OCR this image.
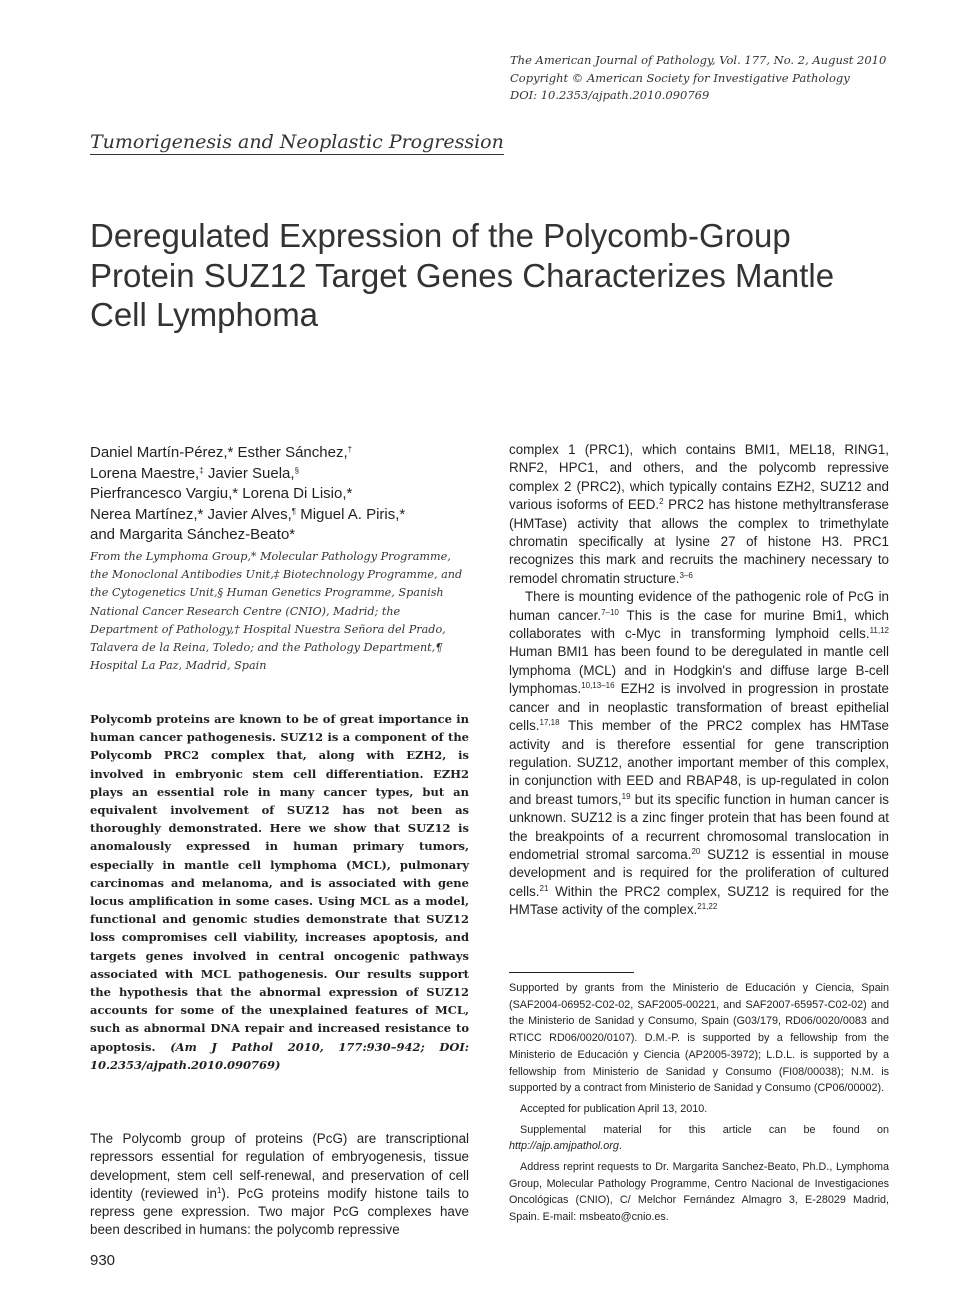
The American Journal of Pathology, Vol. 177, No. 2, August 2010
Copyright © American Society for Investigative Pathology
DOI: 10.2353/ajpath.2010.090769
Tumorigenesis and Neoplastic Progression
Deregulated Expression of the Polycomb-Group
Protein SUZ12 Target Genes Characterizes Mantle
Cell Lymphoma
Daniel Martín-Pérez,* Esther Sánchez,†
Lorena Maestre,‡ Javier Suela,§
Pierfrancesco Vargiu,* Lorena Di Lisio,*
Nerea Martínez,* Javier Alves,¶ Miguel A. Piris,*
and Margarita Sánchez-Beato*
From the Lymphoma Group,* Molecular Pathology Programme,
the Monoclonal Antibodies Unit,‡ Biotechnology Programme, and
the Cytogenetics Unit,§ Human Genetics Programme, Spanish
National Cancer Research Centre (CNIO), Madrid; the
Department of Pathology,† Hospital Nuestra Señora del Prado,
Talavera de la Reina, Toledo; and the Pathology Department,¶
Hospital La Paz, Madrid, Spain
Polycomb proteins are known to be of great importance in human cancer pathogenesis. SUZ12 is a component of the Polycomb PRC2 complex that, along with EZH2, is involved in embryonic stem cell differentiation. EZH2 plays an essential role in many cancer types, but an equivalent involvement of SUZ12 has not been as thoroughly demonstrated. Here we show that SUZ12 is anomalously expressed in human primary tumors, especially in mantle cell lymphoma (MCL), pulmonary carcinomas and melanoma, and is associated with gene locus amplification in some cases. Using MCL as a model, functional and genomic studies demonstrate that SUZ12 loss compromises cell viability, increases apoptosis, and targets genes involved in central oncogenic pathways associated with MCL pathogenesis. Our results support the hypothesis that the abnormal expression of SUZ12 accounts for some of the unexplained features of MCL, such as abnormal DNA repair and increased resistance to apoptosis. (Am J Pathol 2010, 177:930–942; DOI: 10.2353/ajpath.2010.090769)
The Polycomb group of proteins (PcG) are transcriptional repressors essential for regulation of embryogenesis, tissue development, stem cell self-renewal, and preservation of cell identity (reviewed $in^1$). PcG proteins modify histone tails to repress gene expression. Two major PcG complexes have been described in humans: the polycomb repressive

complex 1 (PRC1), which contains BMI1, MEL18, RING1, RNF2, HPC1, and others, and the polycomb repressive complex 2 (PRC2), which typically contains EZH2, SUZ12 and various isoforms of EED.$^2$ PRC2 has histone methyltransferase (HMTase) activity that allows the complex to trimethylate chromatin specifically at lysine 27 of histone H3. PRC1 recognizes this mark and recruits the machinery necessary to remodel chromatin structure.$^{3-6}$

There is mounting evidence of the pathogenic role of PcG in human cancer.$^{7-10}$ This is the case for murine Bmi1, which collaborates with c-Myc in transforming lymphoid cells.$^{11,12}$ Human BMI1 has been found to be deregulated in mantle cell lymphoma (MCL) and in Hodgkin's and diffuse large B-cell lymphomas.$^{10,13-16}$ EZH2 is involved in progression in prostate cancer and in neoplastic transformation of breast epithelial cells.$^{17,18}$ This member of the PRC2 complex has HMTase activity and is therefore essential for gene transcription regulation. SUZ12, another important member of this complex, in conjunction with EED and RBAP48, is up-regulated in colon and breast tumors,$^{19}$ but its specific function in human cancer is unknown. SUZ12 is a zinc finger protein that has been found at the breakpoints of a recurrent chromosomal translocation in endometrial stromal sarcoma.$^{20}$ SUZ12 is essential in mouse development and is required for the proliferation of cultured cells.$^{21}$ Within the PRC2 complex, SUZ12 is required for the HMTase activity of the complex.$^{21,22}$

Supported by grants from the Ministerio de Educación y Ciencia, Spain (SAF2004-06952-C02-02, SAF2005-00221, and SAF2007-65957-C02-02) and the Ministerio de Sanidad y Consumo, Spain (G03/179, RD06/0020/0083 and RTICC RD06/0020/0107). D.M.-P. is supported by a fellowship from the Ministerio de Educación y Ciencia (AP2005-3972); L.D.L. is supported by a fellowship from Ministerio de Sanidad y Consumo (FI08/00038); N.M. is supported by a contract from Ministerio de Sanidad y Consumo (CP06/00002).

Accepted for publication April 13, 2010.

Supplemental material for this article can be found on http://ajp.amjpathol.org.

Address reprint requests to Dr. Margarita Sanchez-Beato, Ph.D., Lymphoma Group, Molecular Pathology Programme, Centro Nacional de Investigaciones Oncológicas (CNIO), C/ Melchor Fernández Almagro 3, E-28029 Madrid, Spain. E-mail: msbeato@cnio.es.

930
